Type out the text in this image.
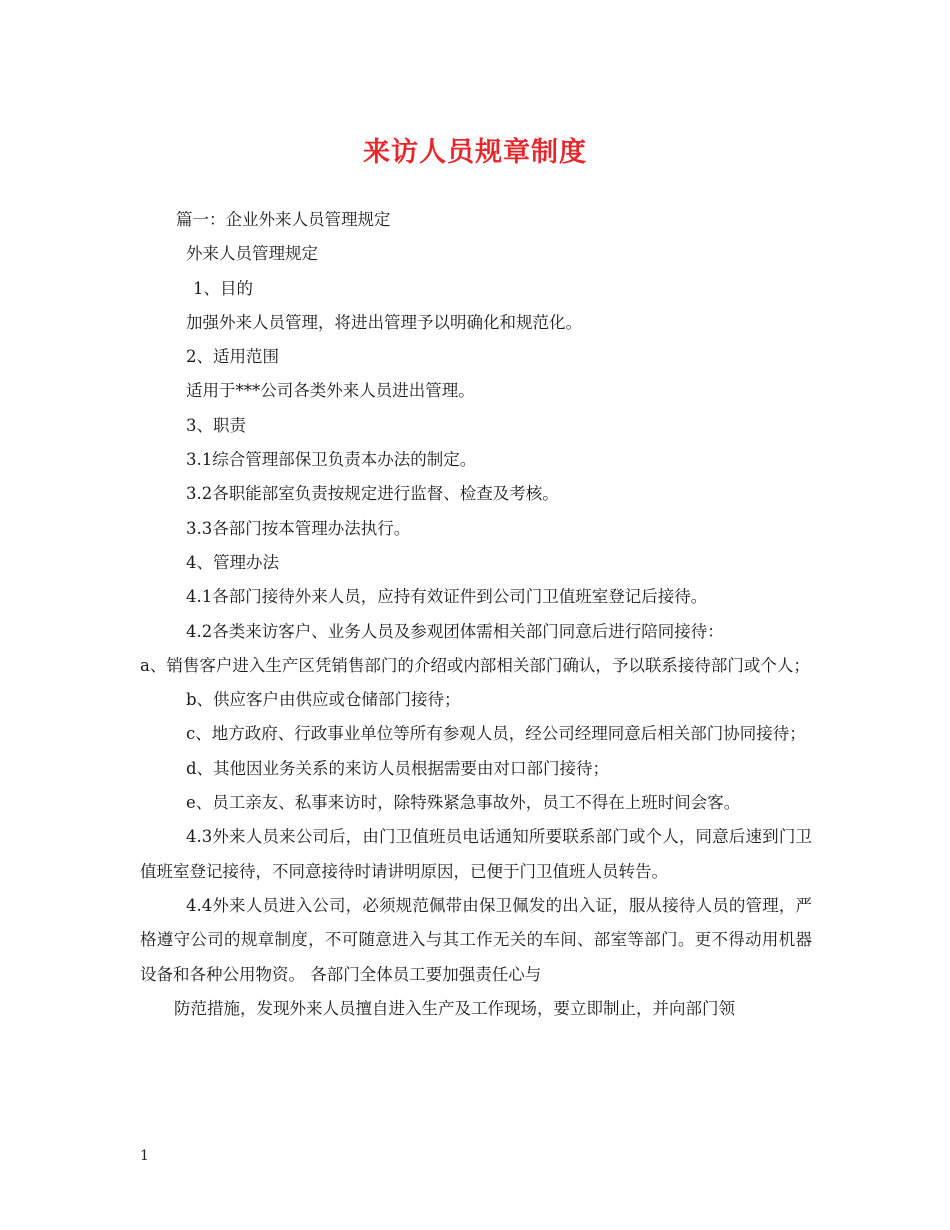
来访人员规章制度

篇一：企业外来人员管理规定

外来人员管理规定

1、目的

加强外来人员管理，将进出管理予以明确化和规范化。

2、适用范围

适用于***公司各类外来人员进出管理。

3、职责

3.1综合管理部保卫负责本办法的制定。

3.2各职能部室负责按规定进行监督、检查及考核。

3.3各部门按本管理办法执行。

4、管理办法

4.1各部门接待外来人员，应持有效证件到公司门卫值班室登记后接待。

4.2各类来访客户、业务人员及参观团体需相关部门同意后进行陪同接待：

a、销售客户进入生产区凭销售部门的介绍或内部相关部门确认，予以联系接待部门或个人；

b、供应客户由供应或仓储部门接待；

c、地方政府、行政事业单位等所有参观人员，经公司经理同意后相关部门协同接待；

d、其他因业务关系的来访人员根据需要由对口部门接待；

e、员工亲友、私事来访时，除特殊紧急事故外，员工不得在上班时间会客。

4.3外来人员来公司后，由门卫值班员电话通知所要联系部门或个人，同意后速到门卫值班室登记接待，不同意接待时请讲明原因，已便于门卫值班人员转告。

4.4外来人员进入公司，必须规范佩带由保卫佩发的出入证，服从接待人员的管理，严格遵守公司的规章制度，不可随意进入与其工作无关的车间、部室等部门。更不得动用机器设备和各种公用物资。 各部门全体员工要加强责任心与

防范措施，发现外来人员擅自进入生产及工作现场，要立即制止，并向部门领

1
